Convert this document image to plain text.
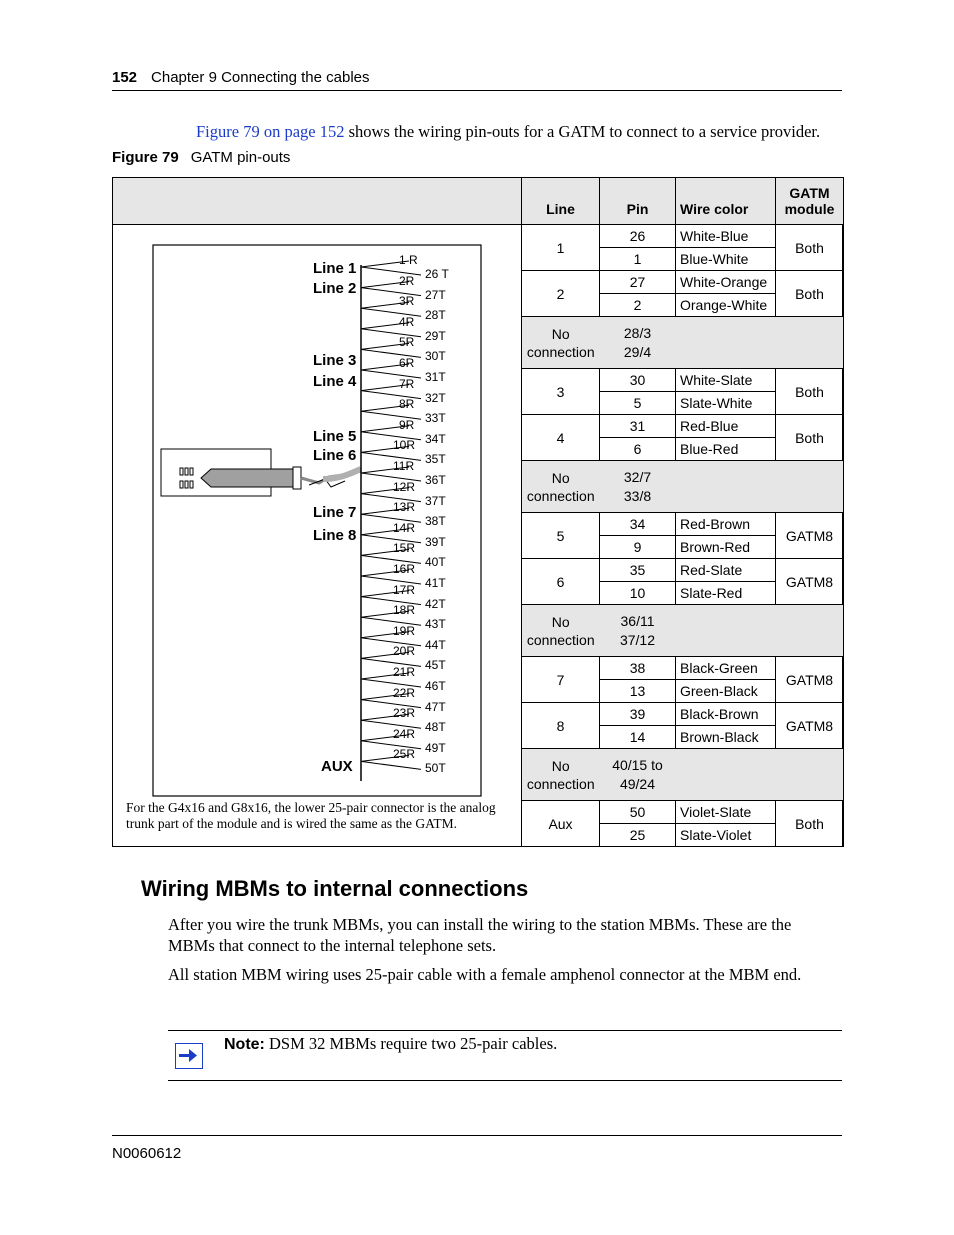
152 Chapter 9 Connecting the cables
Figure 79 on page 152 shows the wiring pin-outs for a GATM to connect to a service provider.
Figure 79 GATM pin-outs
Line 1
Line 2
Line 3
Line 4
Line 5
Line 6
Line 7
Line 8
AUX
1 R
26 T
2R
27T
3R
28T
4R
29T
5R
30T
6R
31T
7R
32T
8R
33T
9R
34T
10R
35T
11R
36T
12R
37T
13R
38T
14R
39T
15R
40T
16R
41T
17R
42T
18R
43T
19R
44T
20R
45T
21R
46T
22R
47T
23R
48T
24R
49T
25R
50T
For the G4x16 and G8x16, the lower 25-pair connector is the analog trunk part of the module and is wired the same as the GATM.
Line	Pin	Wire color	GATM module
1	26	White-Blue	Both
	1	Blue-White	
2	27	White-Orange	Both
	2	Orange-White	
No connection	28/3
29/4		

3	30	White-Slate	Both
	5	Slate-White	
4	31	Red-Blue	Both
	6	Blue-Red	
No connection	32/7
33/8		

5	34	Red-Brown	GATM8
	9	Brown-Red	
6	35	Red-Slate	GATM8
	10	Slate-Red	
No connection	36/11
37/12		

7	38	Black-Green	GATM8
	13	Green-Black	
8	39	Black-Brown	GATM8
	14	Brown-Black	
No connection	40/15 to 49/24		

Aux	50	Violet-Slate	Both
	25	Slate-Violet	
Wiring MBMs to internal connections
After you wire the trunk MBMs, you can install the wiring to the station MBMs. These are the MBMs that connect to the internal telephone sets.
All station MBM wiring uses 25-pair cable with a female amphenol connector at the MBM end.
Note: DSM 32 MBMs require two 25-pair cables.
N0060612
